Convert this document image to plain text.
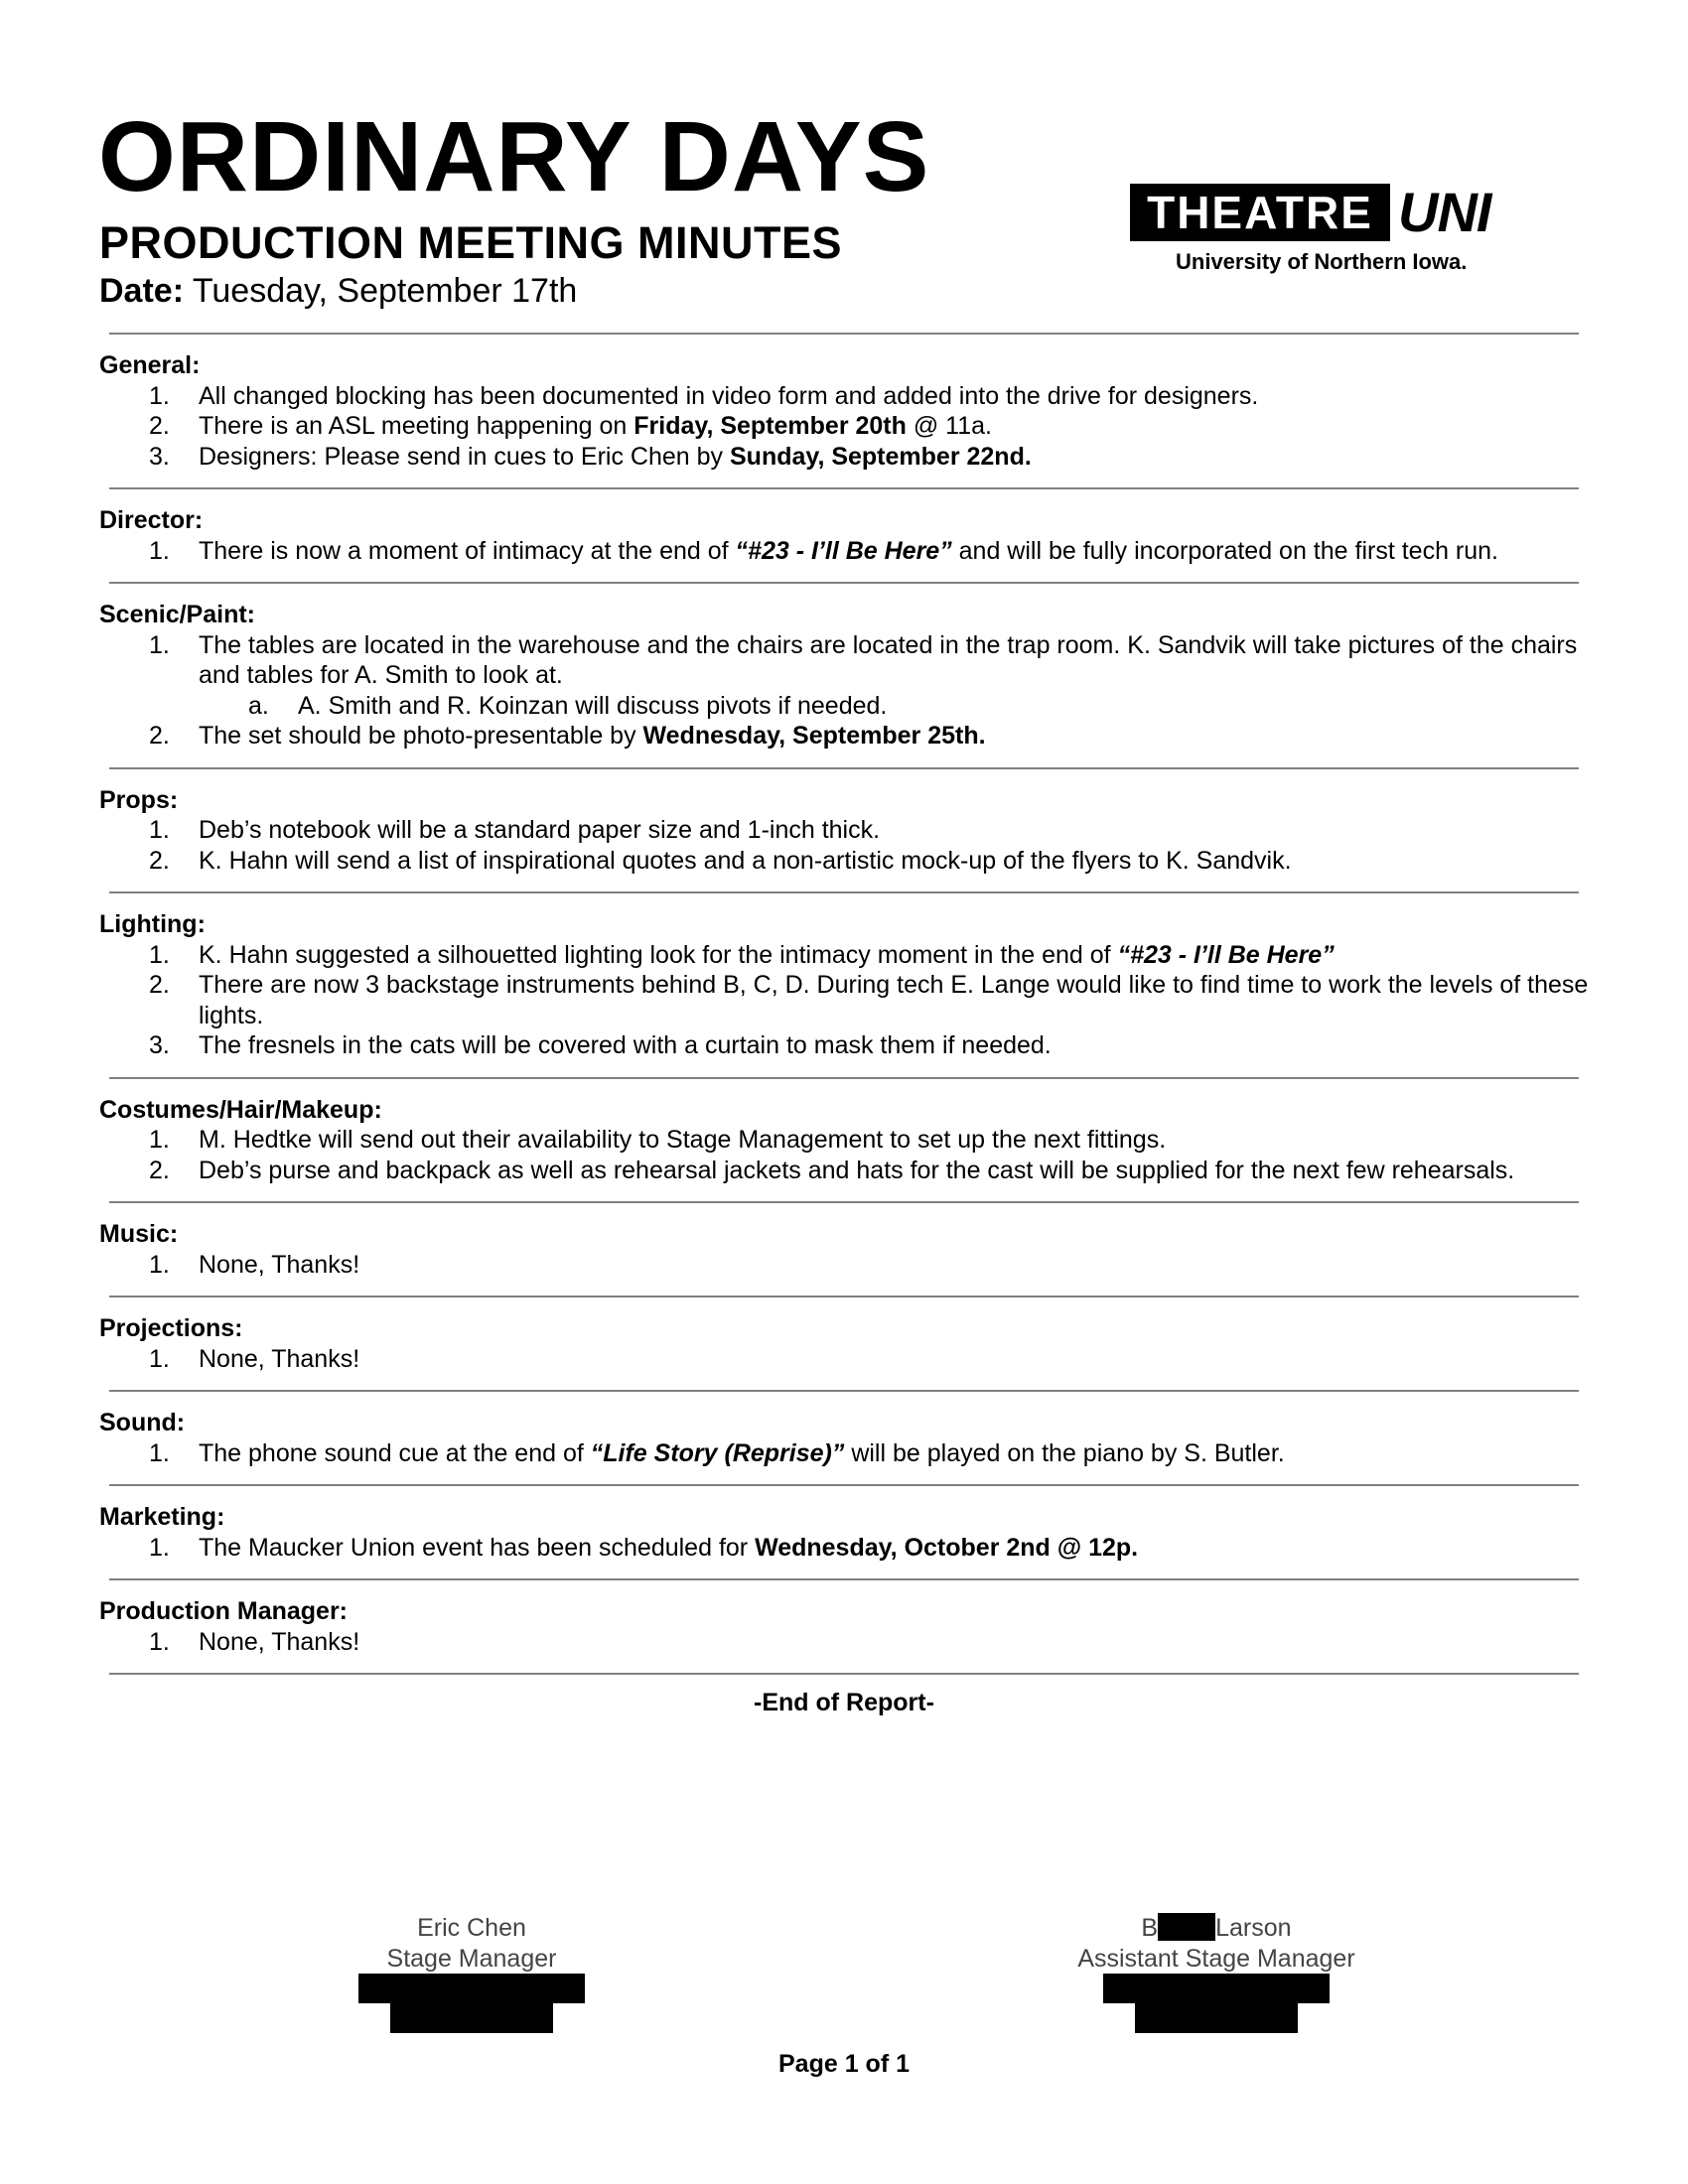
ORDINARY DAYS
PRODUCTION MEETING MINUTES
Date: Tuesday, September 17th
THEATRE UNI
University of Northern Iowa.
General:
1. All changed blocking has been documented in video form and added into the drive for designers.
2. There is an ASL meeting happening on Friday, September 20th @ 11a.
3. Designers: Please send in cues to Eric Chen by Sunday, September 22nd.
Director:
1. There is now a moment of intimacy at the end of “#23 - I’ll Be Here” and will be fully incorporated on the first tech run.
Scenic/Paint:
1. The tables are located in the warehouse and the chairs are located in the trap room. K. Sandvik will take pictures of the chairs and tables for A. Smith to look at.
a. A. Smith and R. Koinzan will discuss pivots if needed.
2. The set should be photo-presentable by Wednesday, September 25th.
Props:
1. Deb’s notebook will be a standard paper size and 1-inch thick.
2. K. Hahn will send a list of inspirational quotes and a non-artistic mock-up of the flyers to K. Sandvik.
Lighting:
1. K. Hahn suggested a silhouetted lighting look for the intimacy moment in the end of “#23 - I’ll Be Here”
2. There are now 3 backstage instruments behind B, C, D. During tech E. Lange would like to find time to work the levels of these lights.
3. The fresnels in the cats will be covered with a curtain to mask them if needed.
Costumes/Hair/Makeup:
1. M. Hedtke will send out their availability to Stage Management to set up the next fittings.
2. Deb’s purse and backpack as well as rehearsal jackets and hats for the cast will be supplied for the next few rehearsals.
Music:
1. None, Thanks!
Projections:
1. None, Thanks!
Sound:
1. The phone sound cue at the end of “Life Story (Reprise)” will be played on the piano by S. Butler.
Marketing:
1. The Maucker Union event has been scheduled for Wednesday, October 2nd @ 12p.
Production Manager:
1. None, Thanks!
-End of Report-
Eric Chen
Stage Manager
B Larson
Assistant Stage Manager
Page 1 of 1
